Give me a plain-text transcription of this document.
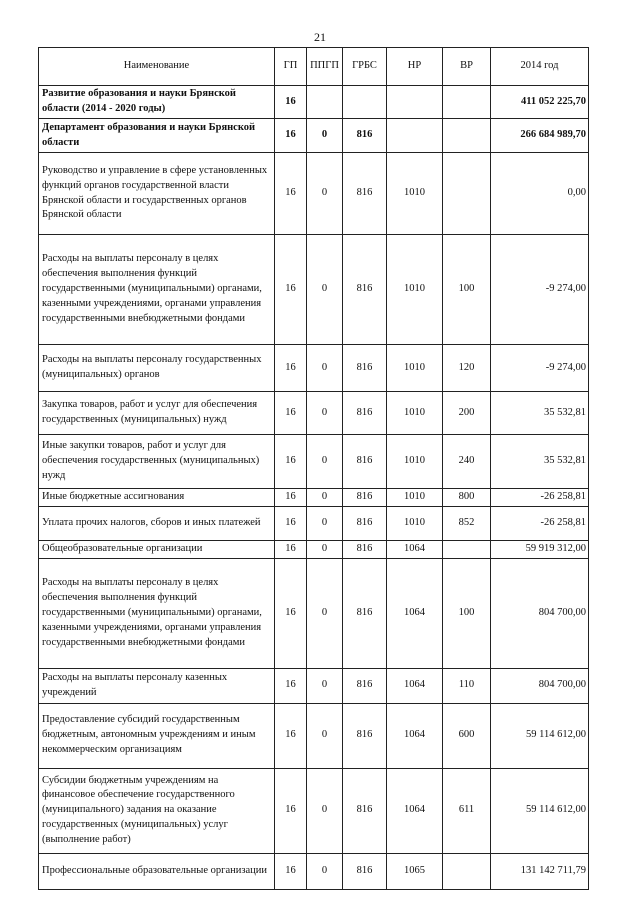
21
Наименование	ГП	ППГП	ГРБС	НР	ВР	2014 год
Развитие образования и науки Брянской области (2014 - 2020 годы)	16					411 052 225,70
Департамент образования и науки Брянской области	16	0	816			266 684 989,70
Руководство и управление в сфере установленных функций органов государственной власти Брянской области и государственных органов Брянской области	16	0	816	1010		0,00
Расходы на выплаты персоналу в целях обеспечения выполнения функций государственными (муниципальными) органами, казенными учреждениями, органами управления государственными внебюджетными фондами	16	0	816	1010	100	-9 274,00
Расходы на выплаты персоналу государственных (муниципальных) органов	16	0	816	1010	120	-9 274,00
Закупка товаров, работ и услуг для обеспечения государственных (муниципальных) нужд	16	0	816	1010	200	35 532,81
Иные закупки товаров, работ и услуг для обеспечения государственных (муниципальных) нужд	16	0	816	1010	240	35 532,81
Иные бюджетные ассигнования	16	0	816	1010	800	-26 258,81
Уплата прочих налогов, сборов и иных платежей	16	0	816	1010	852	-26 258,81
Общеобразовательные организации	16	0	816	1064		59 919 312,00
Расходы на выплаты персоналу в целях обеспечения выполнения функций государственными (муниципальными) органами, казенными учреждениями, органами управления государственными внебюджетными фондами	16	0	816	1064	100	804 700,00
Расходы на выплаты персоналу казенных учреждений	16	0	816	1064	110	804 700,00
Предоставление субсидий государственным бюджетным, автономным учреждениям и иным некоммерческим организациям	16	0	816	1064	600	59 114 612,00
Субсидии бюджетным учреждениям на финансовое обеспечение государственного (муниципального) задания на оказание государственных (муниципальных) услуг (выполнение работ)	16	0	816	1064	611	59 114 612,00
Профессиональные образовательные организации	16	0	816	1065		131 142 711,79
